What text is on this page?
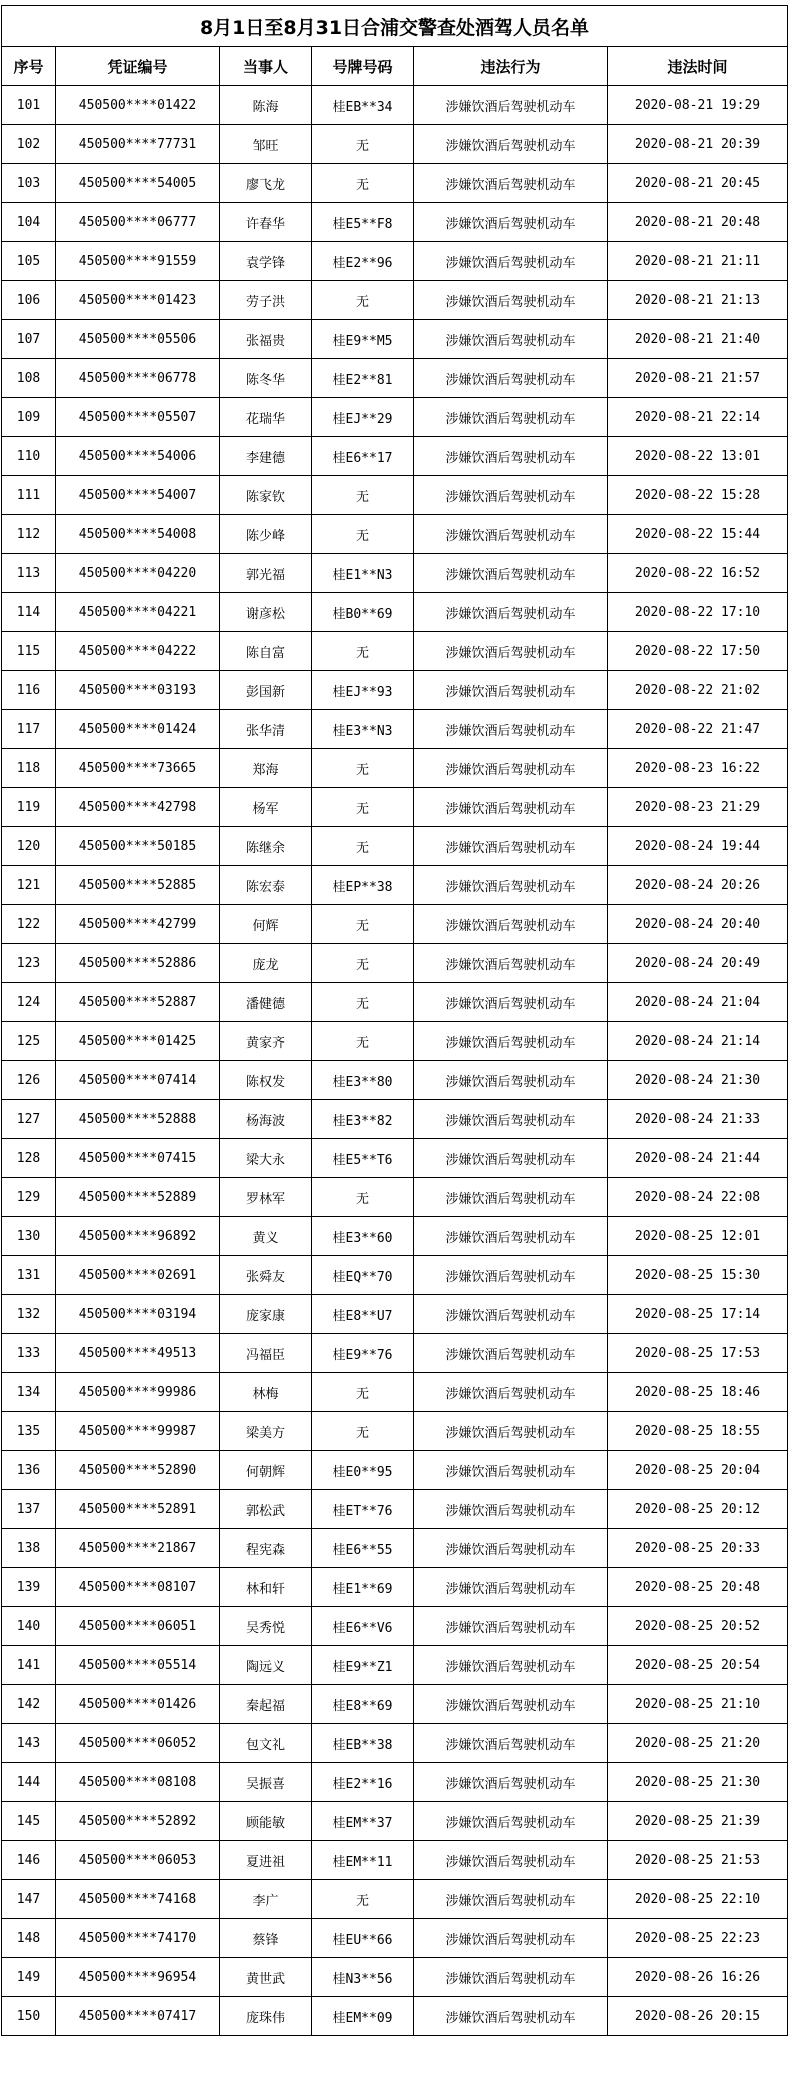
8月1日至8月31日合浦交警查处酒驾人员名单					
序号	凭证编号	当事人	号牌号码	违法行为	违法时间
101	450500****01422	陈海	桂EB**34	涉嫌饮酒后驾驶机动车	2020-08-21 19:29
102	450500****77731	邹旺	无	涉嫌饮酒后驾驶机动车	2020-08-21 20:39
103	450500****54005	廖飞龙	无	涉嫌饮酒后驾驶机动车	2020-08-21 20:45
104	450500****06777	许春华	桂E5**F8	涉嫌饮酒后驾驶机动车	2020-08-21 20:48
105	450500****91559	袁学锋	桂E2**96	涉嫌饮酒后驾驶机动车	2020-08-21 21:11
106	450500****01423	劳子洪	无	涉嫌饮酒后驾驶机动车	2020-08-21 21:13
107	450500****05506	张福贵	桂E9**M5	涉嫌饮酒后驾驶机动车	2020-08-21 21:40
108	450500****06778	陈冬华	桂E2**81	涉嫌饮酒后驾驶机动车	2020-08-21 21:57
109	450500****05507	花瑞华	桂EJ**29	涉嫌饮酒后驾驶机动车	2020-08-21 22:14
110	450500****54006	李建德	桂E6**17	涉嫌饮酒后驾驶机动车	2020-08-22 13:01
111	450500****54007	陈家钦	无	涉嫌饮酒后驾驶机动车	2020-08-22 15:28
112	450500****54008	陈少峰	无	涉嫌饮酒后驾驶机动车	2020-08-22 15:44
113	450500****04220	郭光福	桂E1**N3	涉嫌饮酒后驾驶机动车	2020-08-22 16:52
114	450500****04221	谢彦松	桂B0**69	涉嫌饮酒后驾驶机动车	2020-08-22 17:10
115	450500****04222	陈自富	无	涉嫌饮酒后驾驶机动车	2020-08-22 17:50
116	450500****03193	彭国新	桂EJ**93	涉嫌饮酒后驾驶机动车	2020-08-22 21:02
117	450500****01424	张华清	桂E3**N3	涉嫌饮酒后驾驶机动车	2020-08-22 21:47
118	450500****73665	郑海	无	涉嫌饮酒后驾驶机动车	2020-08-23 16:22
119	450500****42798	杨军	无	涉嫌饮酒后驾驶机动车	2020-08-23 21:29
120	450500****50185	陈继余	无	涉嫌饮酒后驾驶机动车	2020-08-24 19:44
121	450500****52885	陈宏泰	桂EP**38	涉嫌饮酒后驾驶机动车	2020-08-24 20:26
122	450500****42799	何辉	无	涉嫌饮酒后驾驶机动车	2020-08-24 20:40
123	450500****52886	庞龙	无	涉嫌饮酒后驾驶机动车	2020-08-24 20:49
124	450500****52887	潘健德	无	涉嫌饮酒后驾驶机动车	2020-08-24 21:04
125	450500****01425	黄家齐	无	涉嫌饮酒后驾驶机动车	2020-08-24 21:14
126	450500****07414	陈权发	桂E3**80	涉嫌饮酒后驾驶机动车	2020-08-24 21:30
127	450500****52888	杨海波	桂E3**82	涉嫌饮酒后驾驶机动车	2020-08-24 21:33
128	450500****07415	梁大永	桂E5**T6	涉嫌饮酒后驾驶机动车	2020-08-24 21:44
129	450500****52889	罗林军	无	涉嫌饮酒后驾驶机动车	2020-08-24 22:08
130	450500****96892	黄义	桂E3**60	涉嫌饮酒后驾驶机动车	2020-08-25 12:01
131	450500****02691	张舜友	桂EQ**70	涉嫌饮酒后驾驶机动车	2020-08-25 15:30
132	450500****03194	庞家康	桂E8**U7	涉嫌饮酒后驾驶机动车	2020-08-25 17:14
133	450500****49513	冯福臣	桂E9**76	涉嫌饮酒后驾驶机动车	2020-08-25 17:53
134	450500****99986	林梅	无	涉嫌饮酒后驾驶机动车	2020-08-25 18:46
135	450500****99987	梁美方	无	涉嫌饮酒后驾驶机动车	2020-08-25 18:55
136	450500****52890	何朝辉	桂E0**95	涉嫌饮酒后驾驶机动车	2020-08-25 20:04
137	450500****52891	郭松武	桂ET**76	涉嫌饮酒后驾驶机动车	2020-08-25 20:12
138	450500****21867	程宪森	桂E6**55	涉嫌饮酒后驾驶机动车	2020-08-25 20:33
139	450500****08107	林和轩	桂E1**69	涉嫌饮酒后驾驶机动车	2020-08-25 20:48
140	450500****06051	吴秀悦	桂E6**V6	涉嫌饮酒后驾驶机动车	2020-08-25 20:52
141	450500****05514	陶远义	桂E9**Z1	涉嫌饮酒后驾驶机动车	2020-08-25 20:54
142	450500****01426	秦起福	桂E8**69	涉嫌饮酒后驾驶机动车	2020-08-25 21:10
143	450500****06052	包文礼	桂EB**38	涉嫌饮酒后驾驶机动车	2020-08-25 21:20
144	450500****08108	吴振喜	桂E2**16	涉嫌饮酒后驾驶机动车	2020-08-25 21:30
145	450500****52892	顾能敏	桂EM**37	涉嫌饮酒后驾驶机动车	2020-08-25 21:39
146	450500****06053	夏进祖	桂EM**11	涉嫌饮酒后驾驶机动车	2020-08-25 21:53
147	450500****74168	李广	无	涉嫌饮酒后驾驶机动车	2020-08-25 22:10
148	450500****74170	蔡锋	桂EU**66	涉嫌饮酒后驾驶机动车	2020-08-25 22:23
149	450500****96954	黄世武	桂N3**56	涉嫌饮酒后驾驶机动车	2020-08-26 16:26
150	450500****07417	庞珠伟	桂EM**09	涉嫌饮酒后驾驶机动车	2020-08-26 20:15
